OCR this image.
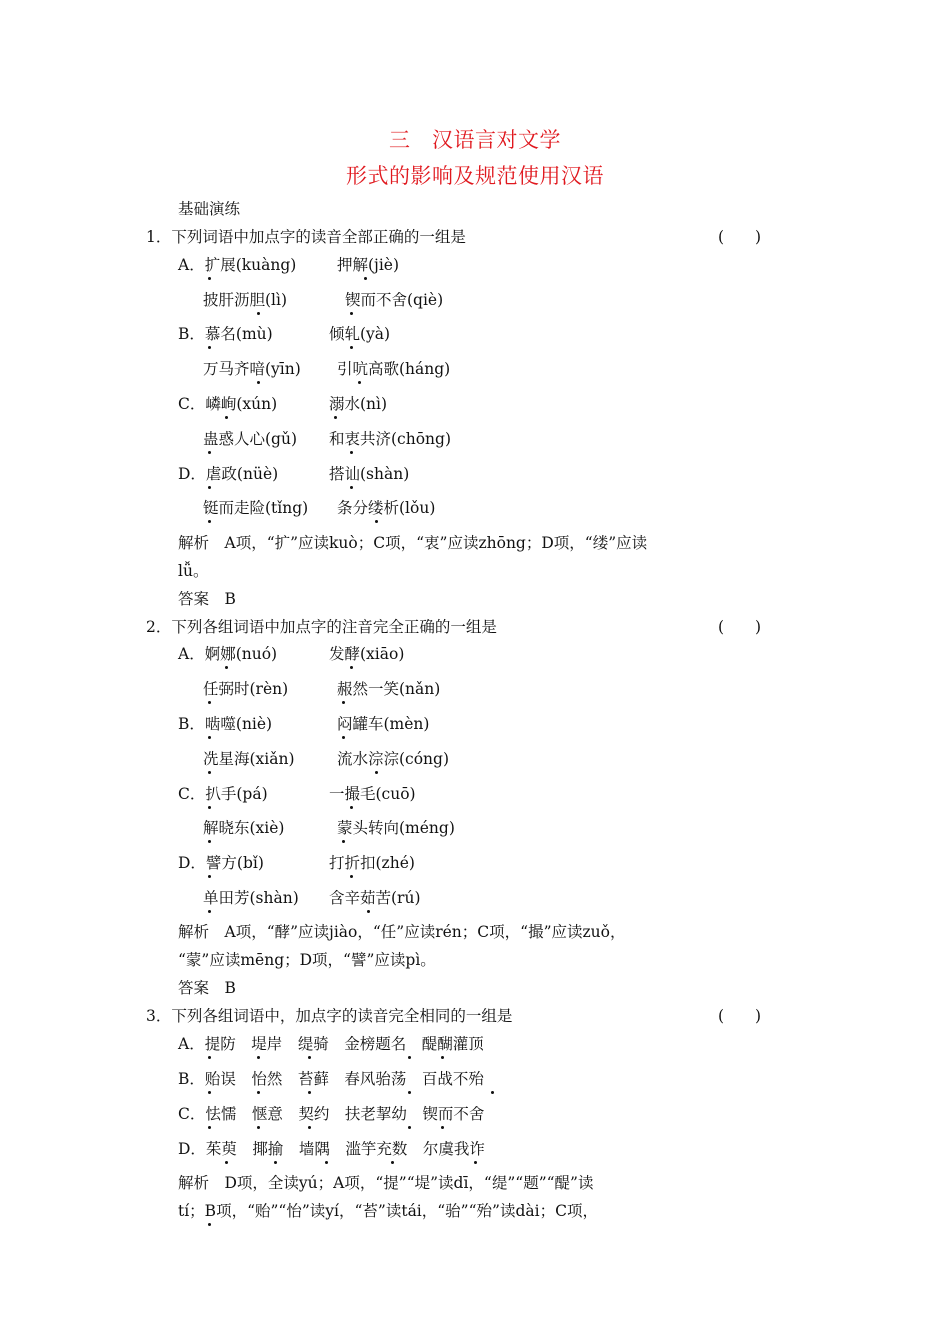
三　汉语言对文学
形式的影响及规范使用汉语
基础演练
1．下列词语中加点字的读音全部正确的一组是	(　　)
A．扩展(kuàng)	押解(jiè)
披肝沥胆(lì)	锲而不舍(qiè)
B．慕名(mù)	倾轧(yà)
万马齐喑(yīn) 引吭高歌(háng)
C．嶙峋(xún)	溺水(nì)
蛊惑人心(gǔ) 和衷共济(chōng)
D．虐政(nüè)	搭讪(shàn)
铤而走险(tǐng) 条分缕析(lǒu)
解析　A项，“扩”应读kuò；C项，“衷”应读zhōng；D项，“缕”应读
lǚ。
答案　B
2．下列各组词语中加点字的注音完全正确的一组是	(　　)
A．婀娜(nuó)	发酵(xiāo)
任弼时(rèn)	赧然一笑(nǎn)
B．啮噬(niè)	闷罐车(mèn)
冼星海(xiǎn)	流水淙淙(cóng)
C．扒手(pá)	一撮毛(cuō)
解晓东(xiè)	蒙头转向(méng)
D．譬方(bǐ)	打折扣(zhé)
单田芳(shàn) 含辛茹苦(rú)
解析　A项，“酵”应读jiào，“任”应读rén；C项，“撮”应读zuǒ，
“蒙”应读mēng；D项，“譬”应读pì。
答案　B
3．下列各组词语中，加点字的读音完全相同的一组是	(　　)
A．提防　堤岸　缇骑　金榜题名　醍醐灌顶
B．贻误　怡然　苔藓　春风骀荡　百战不殆
C．怯懦　惬意　契约　扶老挈幼　锲而不舍
D．茱萸　揶揄　墙隅　滥竽充数　尔虞我诈
解析　D项，全读yú；A项，“提”“堤”读dī，“缇”“题”“醍”读
tí；B项，“贻”“怡”读yí，“苔”读tái，“骀”“殆”读dài；C项，
